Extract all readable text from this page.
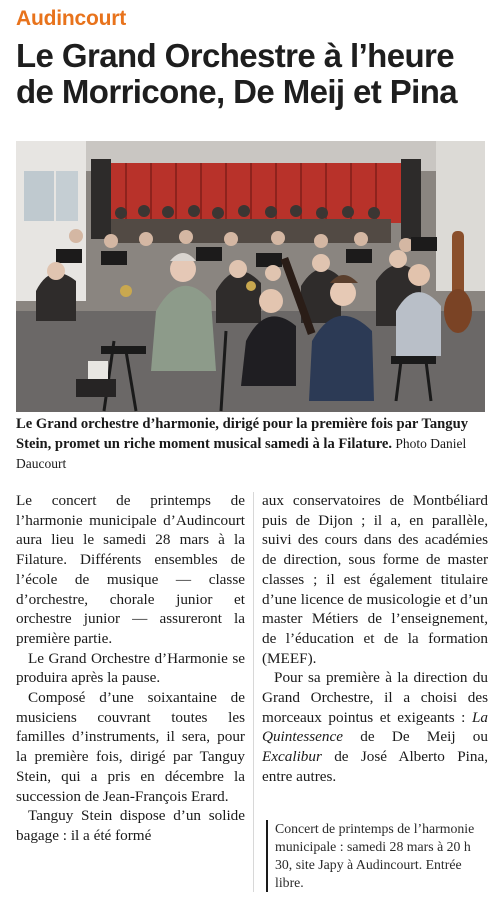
Audincourt
Le Grand Orchestre à l’heure de Morricone, De Meij et Pina
Le Grand orchestre d’harmonie, dirigé pour la première fois par Tanguy Stein, promet un riche moment musical samedi à la Filature. Photo Daniel Daucourt

Le concert de printemps de l’harmonie municipale d’Audincourt aura lieu le samedi 28 mars à la Filature. Différents ensembles de l’école de musique — classe d’orchestre, chorale junior et orchestre junior — assureront la première partie.

Le Grand Orchestre d’Harmonie se produira après la pause.

Composé d’une soixantaine de musiciens couvrant toutes les familles d’instruments, il sera, pour la première fois, dirigé par Tanguy Stein, qui a pris en décembre la succession de Jean-François Erard.

Tanguy Stein dispose d’un solide bagage : il a été formé

aux conservatoires de Montbéliard puis de Dijon ; il a, en parallèle, suivi des cours dans des académies de direction, sous forme de master classes ; il est également titulaire d’une licence de musicologie et d’un master Métiers de l’enseignement, de l’éducation et de la formation (MEEF).

Pour sa première à la direction du Grand Orchestre, il a choisi des morceaux pointus et exigeants : La Quintessence de De Meij ou Excalibur de José Alberto Pina, entre autres.

Concert de printemps de l’harmonie municipale : samedi 28 mars à 20 h 30, site Japy à Audincourt. Entrée libre.
